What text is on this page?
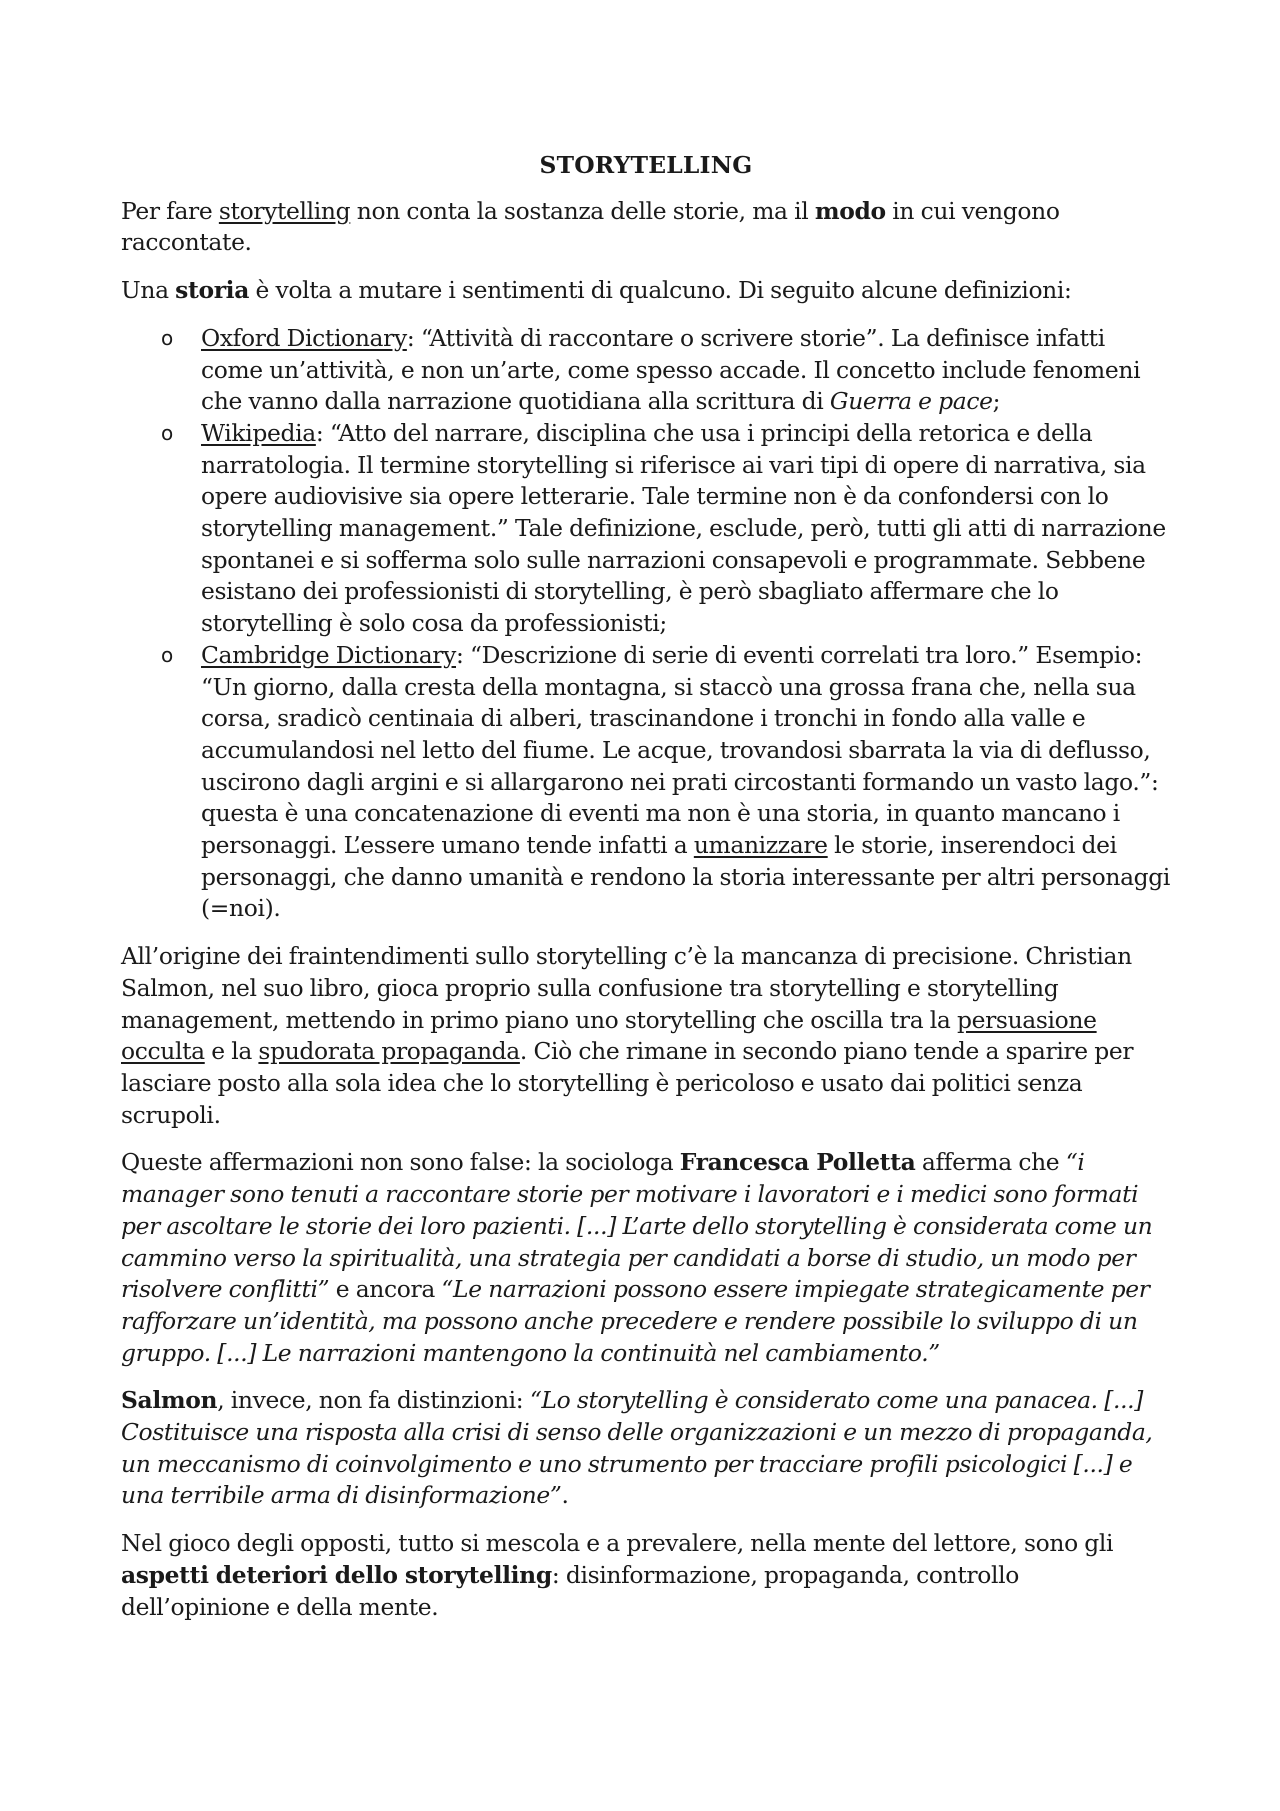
STORYTELLING

Per fare storytelling non conta la sostanza delle storie, ma il modo in cui vengono raccontate.

Una storia è volta a mutare i sentimenti di qualcuno. Di seguito alcune definizioni:

o Oxford Dictionary: “Attività di raccontare o scrivere storie”. La definisce infatti come un’attività, e non un’arte, come spesso accade. Il concetto include fenomeni che vanno dalla narrazione quotidiana alla scrittura di Guerra e pace;
o Wikipedia: “Atto del narrare, disciplina che usa i principi della retorica e della narratologia. Il termine storytelling si riferisce ai vari tipi di opere di narrativa, sia opere audiovisive sia opere letterarie. Tale termine non è da confondersi con lo storytelling management.” Tale definizione, esclude, però, tutti gli atti di narrazione spontanei e si sofferma solo sulle narrazioni consapevoli e programmate. Sebbene esistano dei professionisti di storytelling, è però sbagliato affermare che lo storytelling è solo cosa da professionisti;
o Cambridge Dictionary: “Descrizione di serie di eventi correlati tra loro.” Esempio: “Un giorno, dalla cresta della montagna, si staccò una grossa frana che, nella sua corsa, sradicò centinaia di alberi, trascinandone i tronchi in fondo alla valle e accumulandosi nel letto del fiume. Le acque, trovandosi sbarrata la via di deflusso, uscirono dagli argini e si allargarono nei prati circostanti formando un vasto lago.”: questa è una concatenazione di eventi ma non è una storia, in quanto mancano i personaggi. L’essere umano tende infatti a umanizzare le storie, inserendoci dei personaggi, che danno umanità e rendono la storia interessante per altri personaggi (=noi).

All’origine dei fraintendimenti sullo storytelling c’è la mancanza di precisione. Christian Salmon, nel suo libro, gioca proprio sulla confusione tra storytelling e storytelling management, mettendo in primo piano uno storytelling che oscilla tra la persuasione occulta e la spudorata propaganda. Ciò che rimane in secondo piano tende a sparire per lasciare posto alla sola idea che lo storytelling è pericoloso e usato dai politici senza scrupoli.

Queste affermazioni non sono false: la sociologa Francesca Polletta afferma che “i manager sono tenuti a raccontare storie per motivare i lavoratori e i medici sono formati per ascoltare le storie dei loro pazienti. [...] L’arte dello storytelling è considerata come un cammino verso la spiritualità, una strategia per candidati a borse di studio, un modo per risolvere conflitti” e ancora “Le narrazioni possono essere impiegate strategicamente per rafforzare un’identità, ma possono anche precedere e rendere possibile lo sviluppo di un gruppo. [...] Le narrazioni mantengono la continuità nel cambiamento.”

Salmon, invece, non fa distinzioni: “Lo storytelling è considerato come una panacea. [...] Costituisce una risposta alla crisi di senso delle organizzazioni e un mezzo di propaganda, un meccanismo di coinvolgimento e uno strumento per tracciare profili psicologici [...] e una terribile arma di disinformazione”.

Nel gioco degli opposti, tutto si mescola e a prevalere, nella mente del lettore, sono gli aspetti deteriori dello storytelling: disinformazione, propaganda, controllo dell’opinione e della mente.
